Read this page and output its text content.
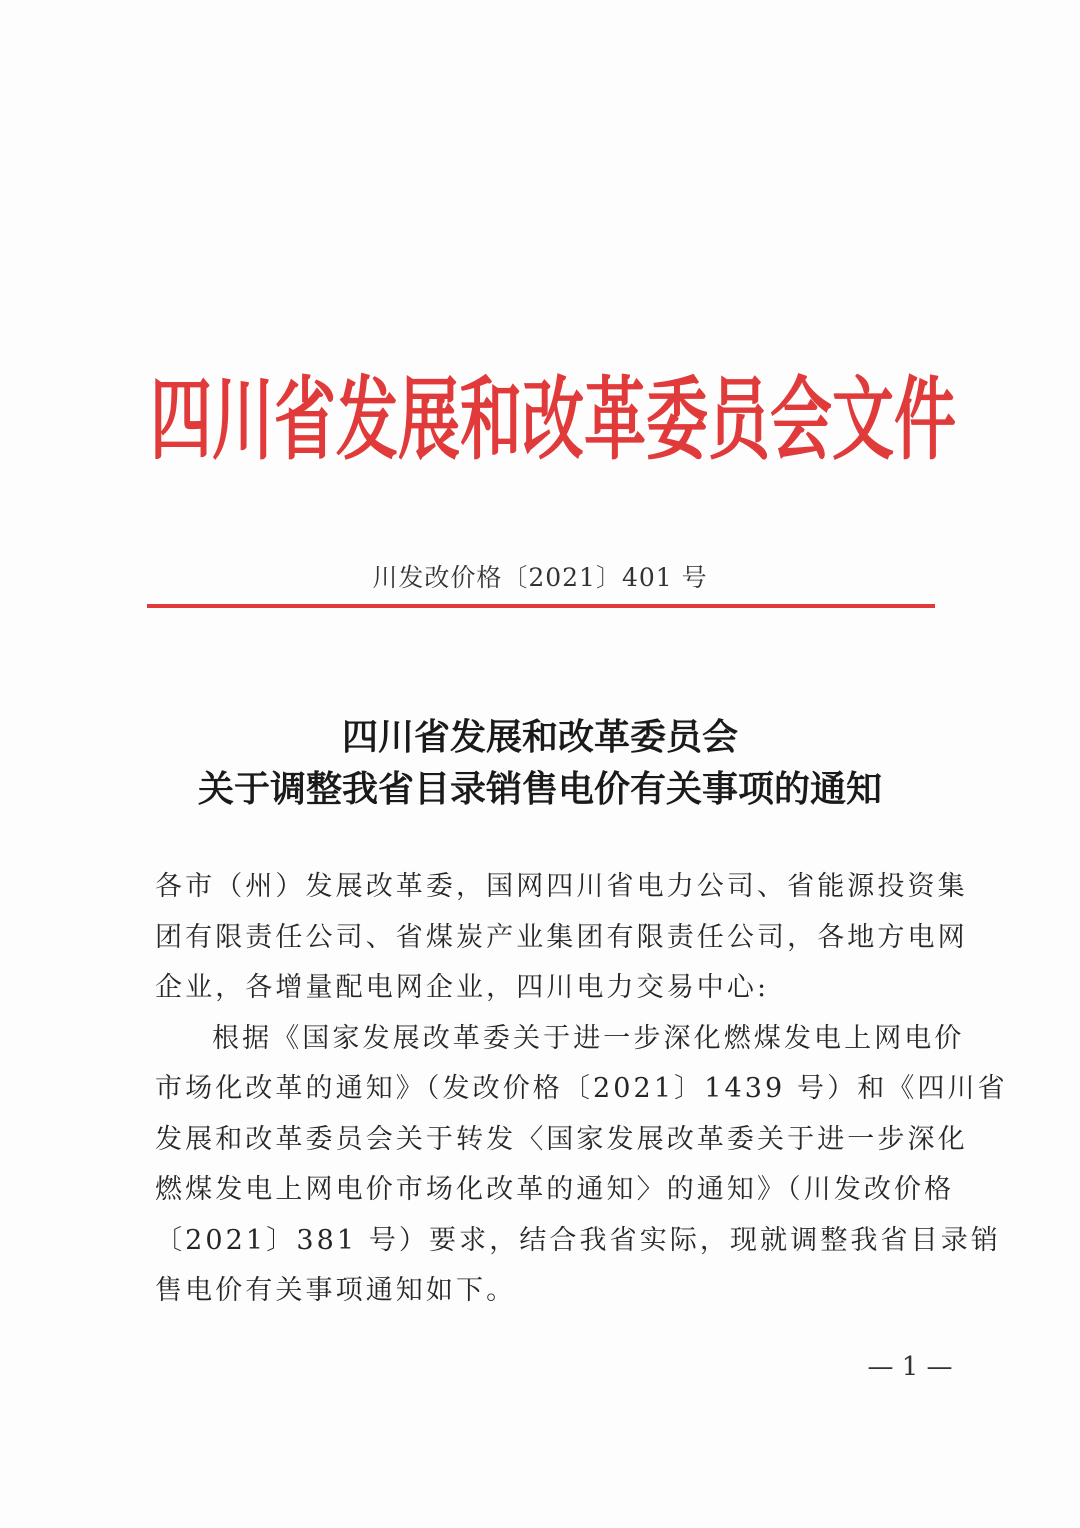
四川省发展和改革委员会文件
川发改价格〔2021〕401 号
四川省发展和改革委员会
关于调整我省目录销售电价有关事项的通知
各市（州）发展改革委，国网四川省电力公司、省能源投资集
团有限责任公司、省煤炭产业集团有限责任公司，各地方电网
企业，各增量配电网企业，四川电力交易中心:
根据《国家发展改革委关于进一步深化燃煤发电上网电价
市场化改革的通知》（发改价格〔2021〕1439 号）和《四川省
发展和改革委员会关于转发〈国家发展改革委关于进一步深化
燃煤发电上网电价市场化改革的通知〉的通知》（川发改价格
〔2021〕381 号）要求，结合我省实际，现就调整我省目录销
售电价有关事项通知如下。
— 1 —
